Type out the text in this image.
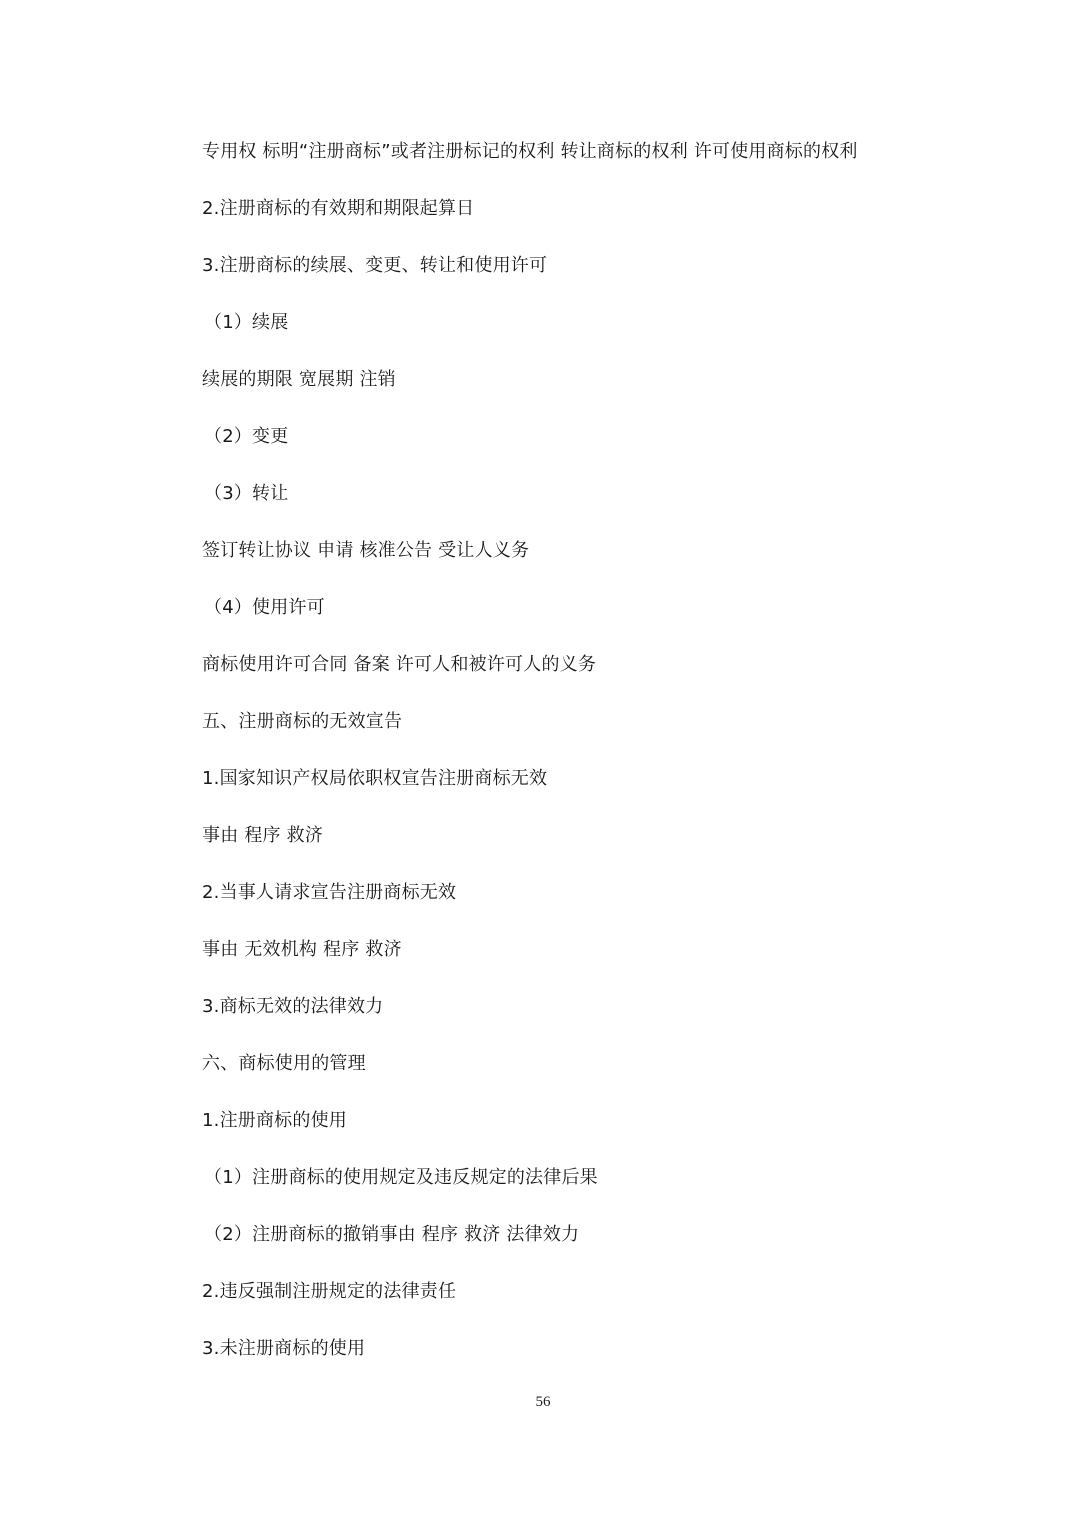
专用权 标明“注册商标”或者注册标记的权利 转让商标的权利 许可使用商标的权利
2.注册商标的有效期和期限起算日
3.注册商标的续展、变更、转让和使用许可
（1）续展
续展的期限 宽展期 注销
（2）变更
（3）转让
签订转让协议 申请 核准公告 受让人义务
（4）使用许可
商标使用许可合同 备案 许可人和被许可人的义务
五、注册商标的无效宣告
1.国家知识产权局依职权宣告注册商标无效
事由 程序 救济
2.当事人请求宣告注册商标无效
事由 无效机构 程序 救济
3.商标无效的法律效力
六、商标使用的管理
1.注册商标的使用
（1）注册商标的使用规定及违反规定的法律后果
（2）注册商标的撤销事由 程序 救济 法律效力
2.违反强制注册规定的法律责任
3.未注册商标的使用
56
